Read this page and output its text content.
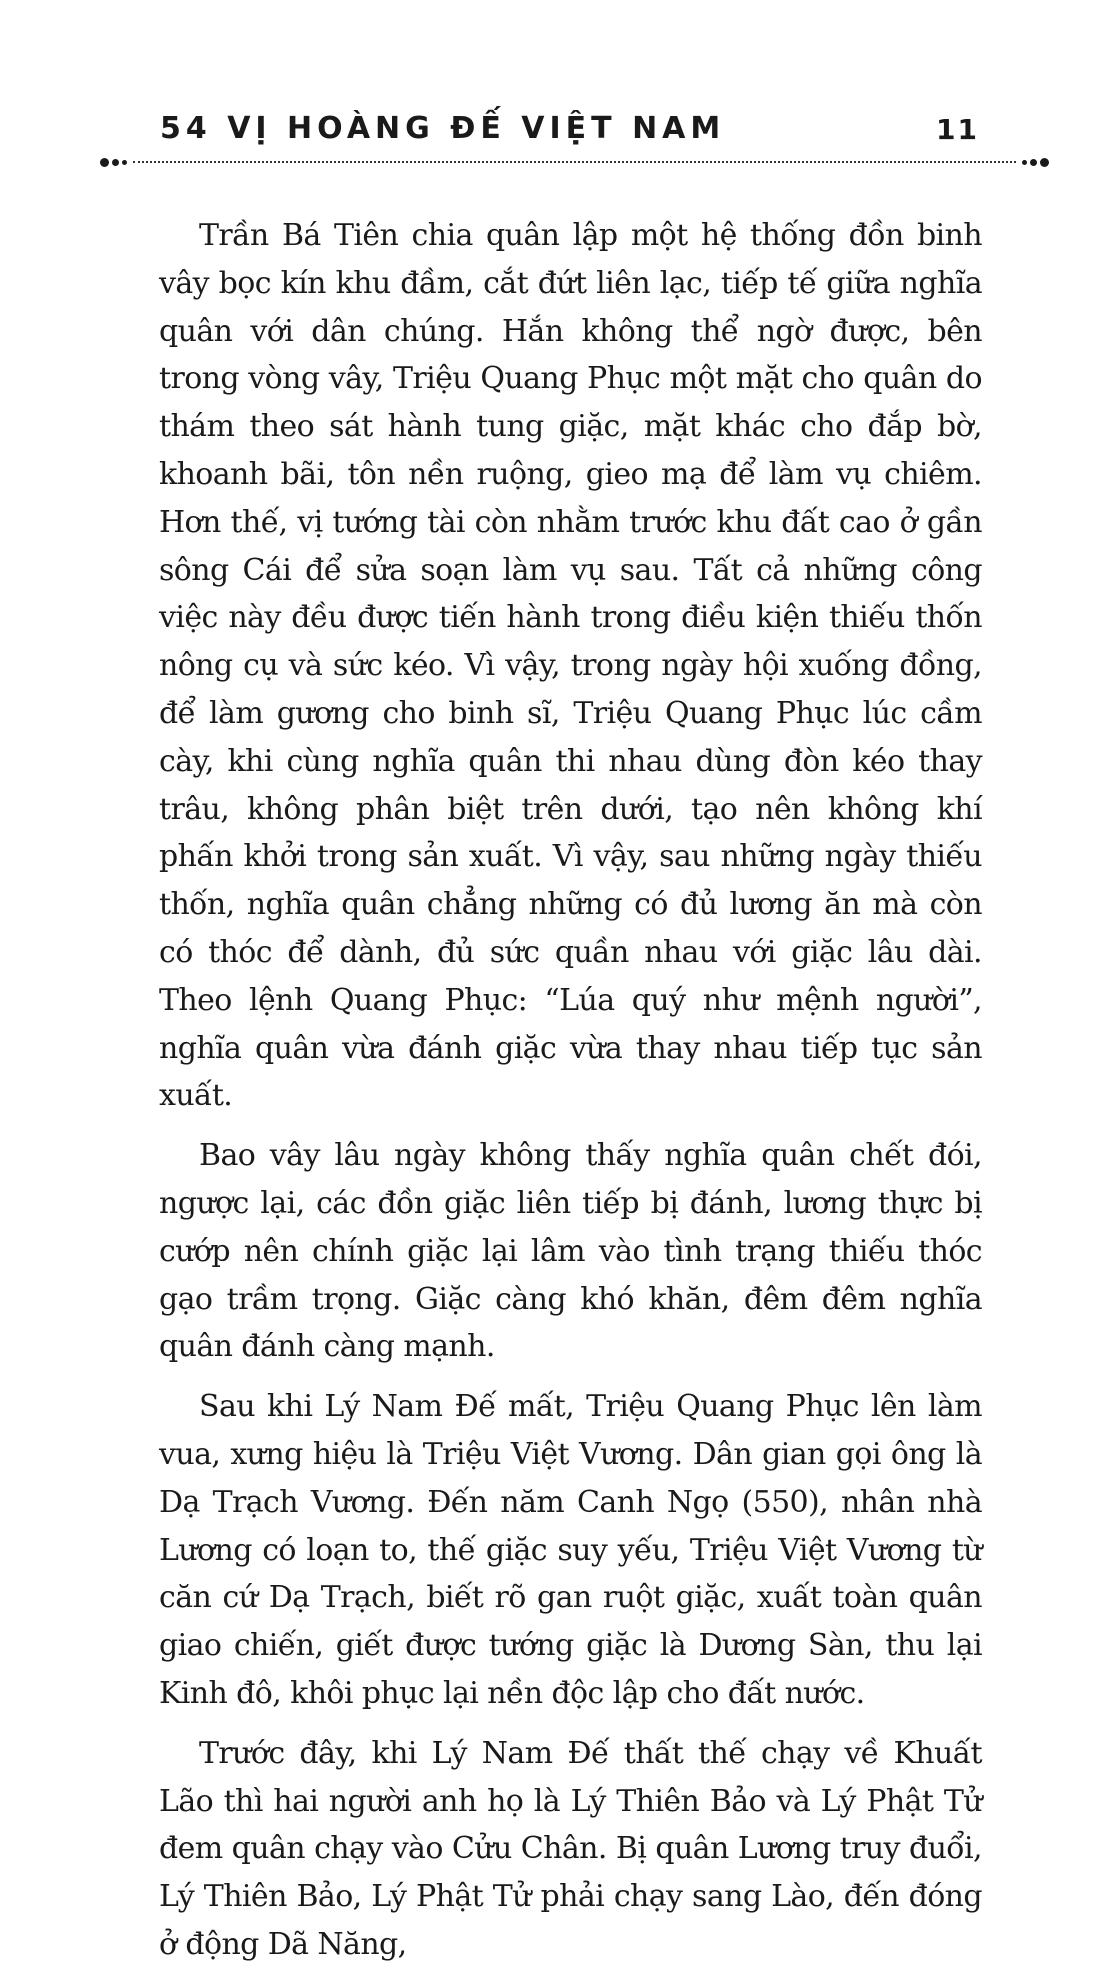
54 VỊ HOÀNG ĐẾ VIỆT NAM	11

Trần Bá Tiên chia quân lập một hệ thống đồn binh vây bọc kín khu đầm, cắt đứt liên lạc, tiếp tế giữa nghĩa quân với dân chúng. Hắn không thể ngờ được, bên trong vòng vây, Triệu Quang Phục một mặt cho quân do thám theo sát hành tung giặc, mặt khác cho đắp bờ, khoanh bãi, tôn nền ruộng, gieo mạ để làm vụ chiêm. Hơn thế, vị tướng tài còn nhằm trước khu đất cao ở gần sông Cái để sửa soạn làm vụ sau. Tất cả những công việc này đều được tiến hành trong điều kiện thiếu thốn nông cụ và sức kéo. Vì vậy, trong ngày hội xuống đồng, để làm gương cho binh sĩ, Triệu Quang Phục lúc cầm cày, khi cùng nghĩa quân thi nhau dùng đòn kéo thay trâu, không phân biệt trên dưới, tạo nên không khí phấn khởi trong sản xuất. Vì vậy, sau những ngày thiếu thốn, nghĩa quân chẳng những có đủ lương ăn mà còn có thóc để dành, đủ sức quần nhau với giặc lâu dài. Theo lệnh Quang Phục: “Lúa quý như mệnh người”, nghĩa quân vừa đánh giặc vừa thay nhau tiếp tục sản xuất.

Bao vây lâu ngày không thấy nghĩa quân chết đói, ngược lại, các đồn giặc liên tiếp bị đánh, lương thực bị cướp nên chính giặc lại lâm vào tình trạng thiếu thóc gạo trầm trọng. Giặc càng khó khăn, đêm đêm nghĩa quân đánh càng mạnh.

Sau khi Lý Nam Đế mất, Triệu Quang Phục lên làm vua, xưng hiệu là Triệu Việt Vương. Dân gian gọi ông là Dạ Trạch Vương. Đến năm Canh Ngọ (550), nhân nhà Lương có loạn to, thế giặc suy yếu, Triệu Việt Vương từ căn cứ Dạ Trạch, biết rõ gan ruột giặc, xuất toàn quân giao chiến, giết được tướng giặc là Dương Sàn, thu lại Kinh đô, khôi phục lại nền độc lập cho đất nước.

Trước đây, khi Lý Nam Đế thất thế chạy về Khuất Lão thì hai người anh họ là Lý Thiên Bảo và Lý Phật Tử đem quân chạy vào Cửu Chân. Bị quân Lương truy đuổi, Lý Thiên Bảo, Lý Phật Tử phải chạy sang Lào, đến đóng ở động Dã Năng,
